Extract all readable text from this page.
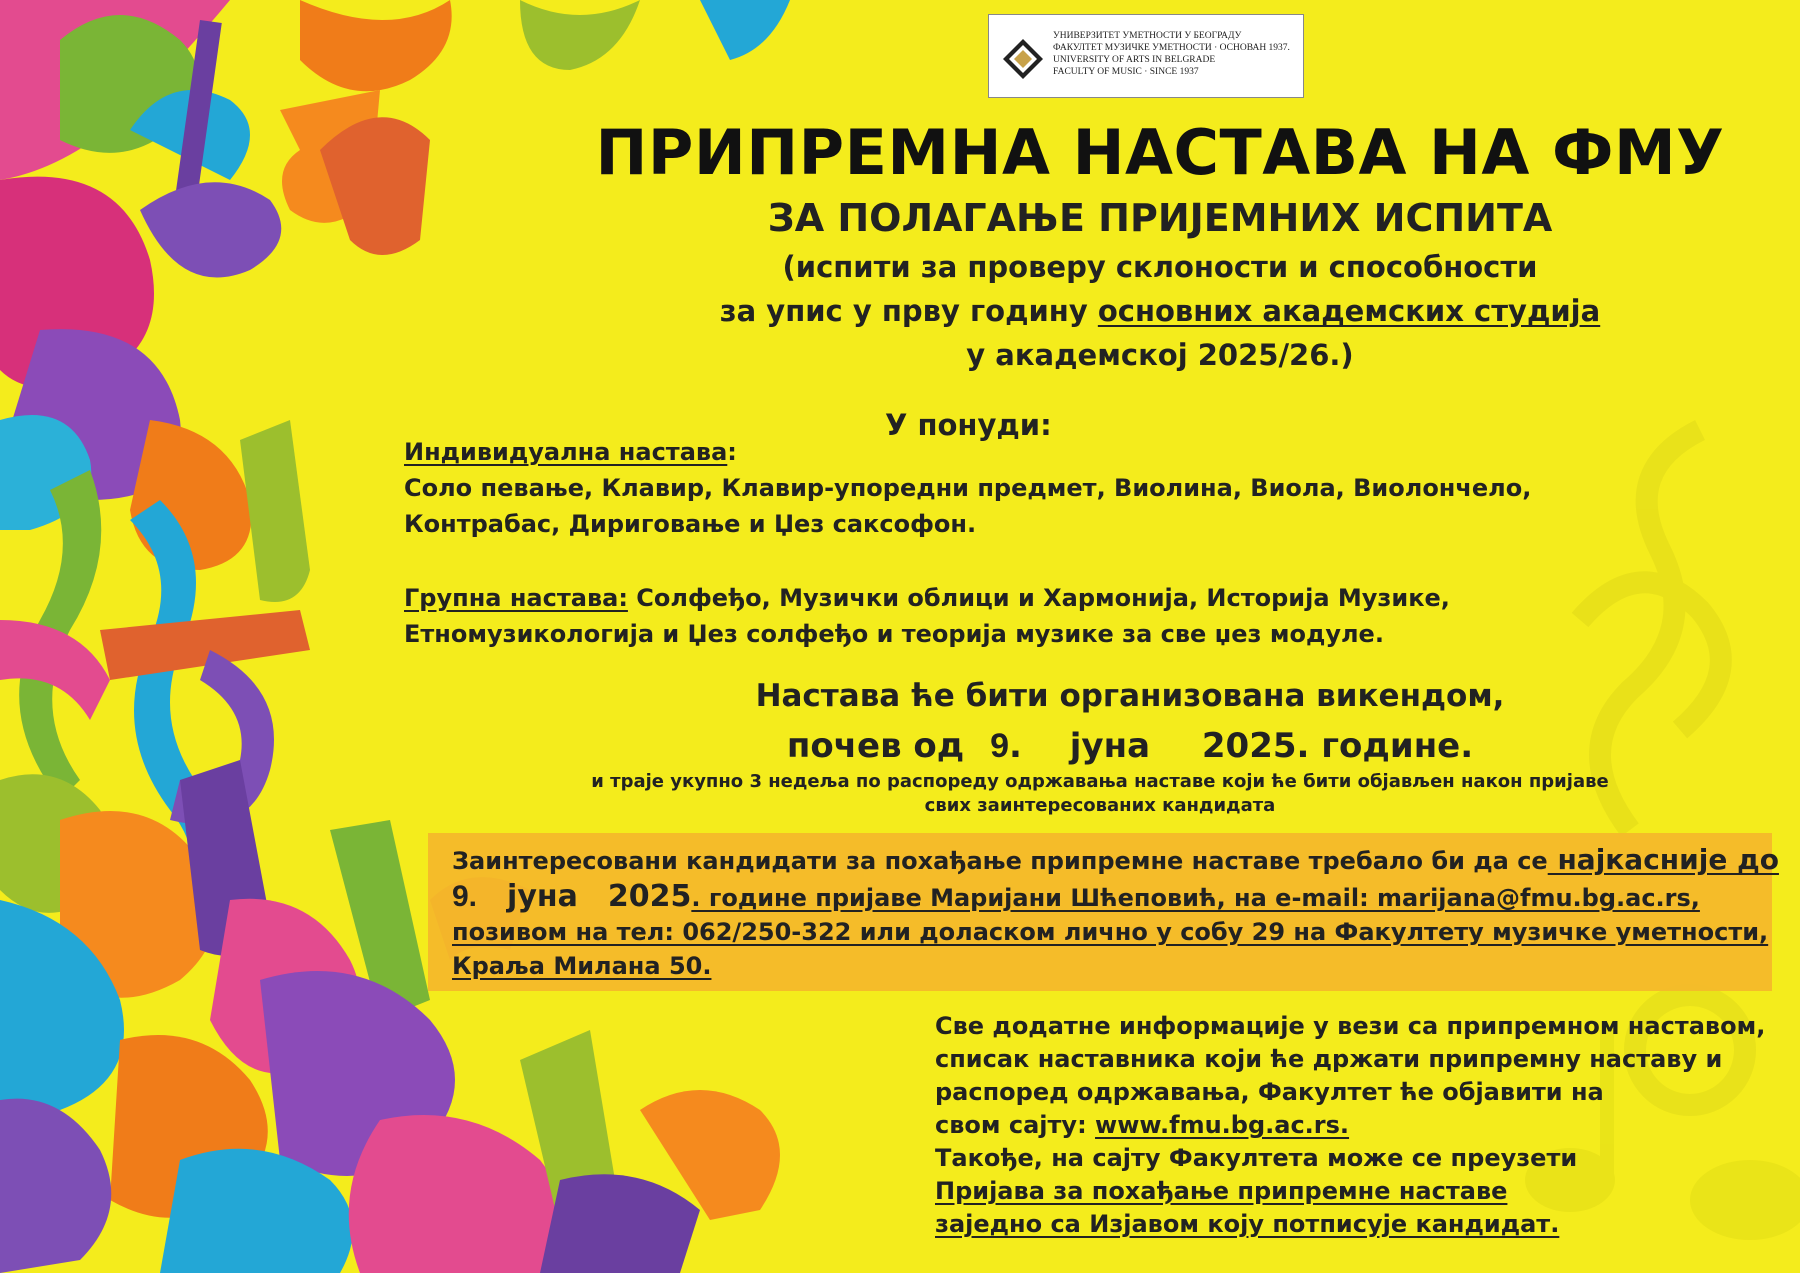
УНИВЕРЗИТЕТ УМЕТНОСТИ У БЕОГРАДУ
ФАКУЛТЕТ МУЗИЧКЕ УМЕТНОСТИ · ОСНОВАН 1937.
UNIVERSITY OF ARTS IN BELGRADE
FACULTY OF MUSIC · SINCE 1937
ПРИПРЕМНА НАСТАВА НА ФМУ
ЗА ПОЛАГАЊЕ ПРИЈЕМНИХ ИСПИТА
(испити за проверу склоности и способности
за упис у прву годину основних академских студија
у академској 2025/26.)
У понуди:
Индивидуална настава:
Соло певање, Клавир, Клавир-упоредни предмет, Виолина, Виола, Виолончело,
Контрабас, Дириговање и Џез саксофон.
Групна настава: Солфеђо, Музички облици и Хармонија, Историја Музике,
Етномузикологија и Џез солфеђо и теорија музике за све џез модуле.
Настава ће бити организована викендом,
почев од 9. јуна 2025. године.
и траје укупно 3 недеља по распореду одржавања наставе који ће бити објављен након пријаве
свих заинтересованих кандидата
Заинтересовани кандидати за похађање припремне наставе требало би да се најкасније до
9. јуна 2025. године пријаве Маријани Шћеповић, на e-mail: marijana@fmu.bg.ac.rs,
позивом на тел: 062/250-322 или доласком лично у собу 29 на Факултету музичке уметности,
Краља Милана 50.
Све додатне информације у вези са припремном наставом,
списак наставника који ће држати припремну наставу и
распоред одржавања, Факултет ће објавити на
свом сајту: www.fmu.bg.ac.rs.
Такође, на сајту Факултета може се преузети
Пријава за похађање припремне наставе
заједно са Изјавом коју потписује кандидат.
